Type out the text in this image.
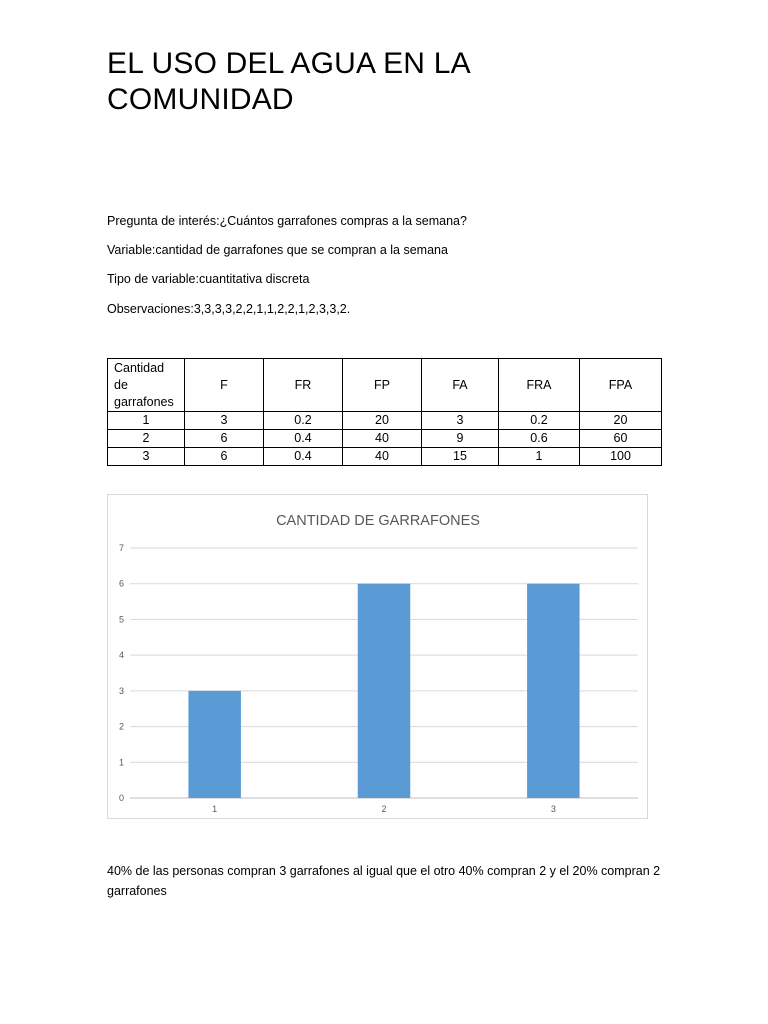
EL USO DEL AGUA EN LA COMUNIDAD

Pregunta de interés:¿Cuántos garrafones compras a la semana?

Variable:cantidad de garrafones que se compran a la semana

Tipo de variable:cuantitativa discreta

Observaciones:3,3,3,3,2,2,1,1,2,2,1,2,3,3,2.

Cantidad de garrafones	F	FR	FP	FA	FRA	FPA
1	3	0.2	20	3	0.2	20
2	6	0.4	40	9	0.6	60
3	6	0.4	40	15	1	100
CANTIDAD DE GARRAFONES
0
1
2
3
4
5
6
7
1	2	3

40% de las personas compran 3 garrafones al igual que el otro 40% compran 2 y el 20% compran 2 garrafones
